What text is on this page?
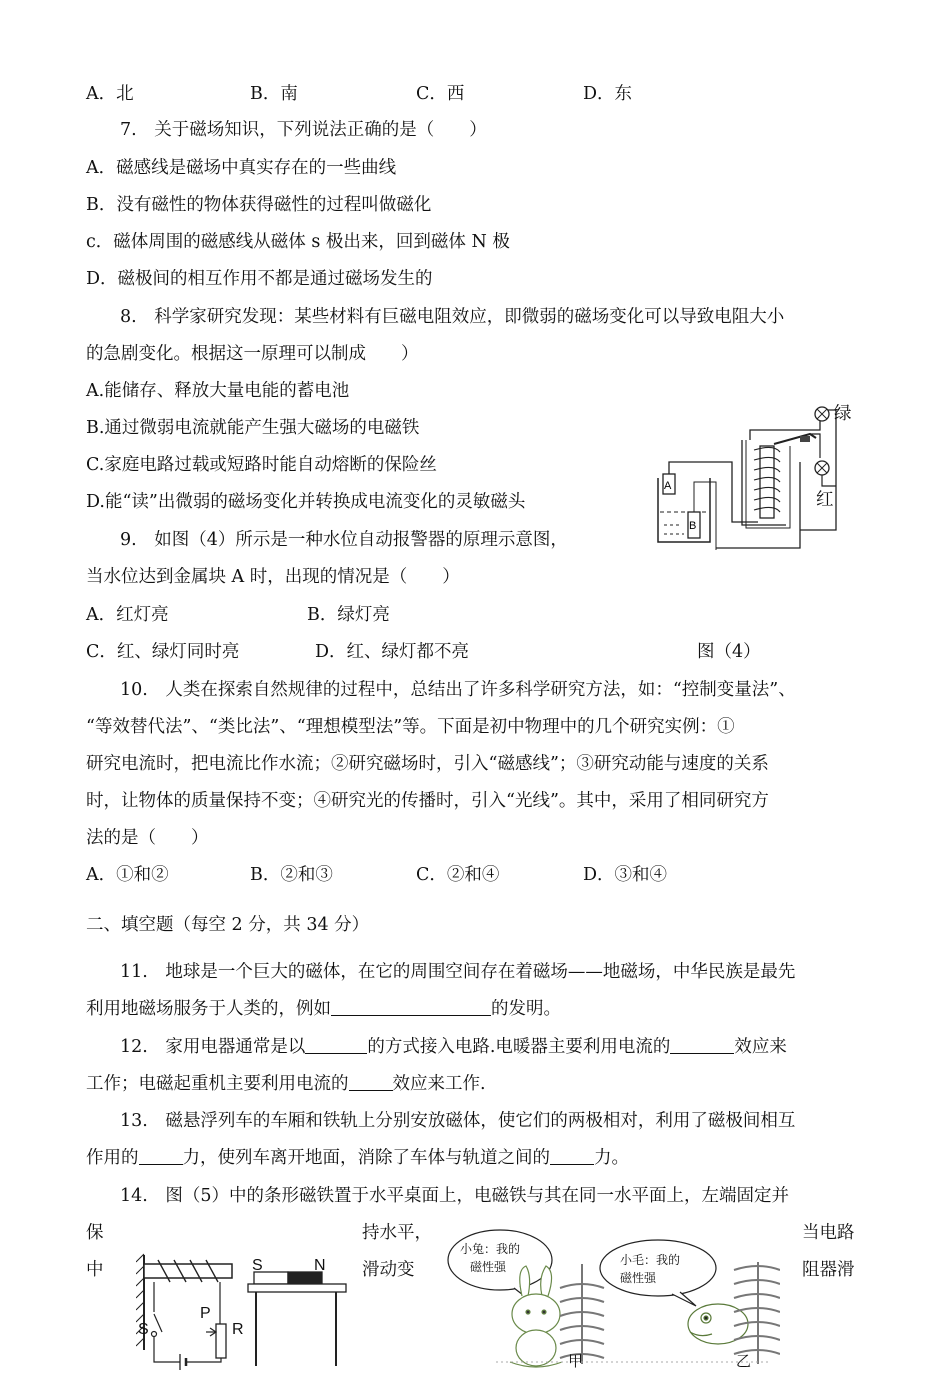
A．北	B．南	C．西	D．东
7.　关于磁场知识，下列说法正确的是（　　）
A．磁感线是磁场中真实存在的一些曲线
B．没有磁性的物体获得磁性的过程叫做磁化
c．磁体周围的磁感线从磁体 s 极出来，回到磁体 N 极
D．磁极间的相互作用不都是通过磁场发生的
8.　科学家研究发现：某些材料有巨磁电阻效应，即微弱的磁场变化可以导致电阻大小
的急剧变化。根据这一原理可以制成　　）
A.能储存、释放大量电能的蓄电池
B.通过微弱电流就能产生强大磁场的电磁铁
C.家庭电路过载或短路时能自动熔断的保险丝
D.能“读”出微弱的磁场变化并转换成电流变化的灵敏磁头
A
B
绿
红
9.　如图（4）所示是一种水位自动报警器的原理示意图，
当水位达到金属块 A 时，出现的情况是（　　）
A．红灯亮	B．绿灯亮
C．红、绿灯同时亮	D．红、绿灯都不亮	图（4）
10.　人类在探索自然规律的过程中，总结出了许多科学研究方法，如：“控制变量法”、
“等效替代法”、“类比法”、“理想模型法”等。下面是初中物理中的几个研究实例：①
研究电流时，把电流比作水流；②研究磁场时，引入“磁感线”；③研究动能与速度的关系
时，让物体的质量保持不变；④研究光的传播时，引入“光线”。其中，采用了相同研究方
法的是（　　）
A．①和②	B．②和③	C．②和④	D．③和④
二、填空题（每空 2 分，共 34 分）
11.　地球是一个巨大的磁体，在它的周围空间存在着磁场——地磁场，中华民族是最先
利用地磁场服务于人类的，例如	的发明。
12.　家用电器通常是以	的方式接入电路.电暖器主要利用电流的	效应来
工作；电磁起重机主要利用电流的	效应来工作.
13.　磁悬浮列车的车厢和铁轨上分别安放磁体，使它们的两极相对，利用了磁极间相互
作用的	力，使列车离开地面，消除了车体与轨道之间的	力。
14.　图（5）中的条形磁铁置于水平桌面上，电磁铁与其在同一水平面上，左端固定并
保	持水平，	当电路
中	滑动变	阻器滑
S	N
P
R
S
小兔：我的
磁性强	小毛：我的
磁性强
甲	乙
